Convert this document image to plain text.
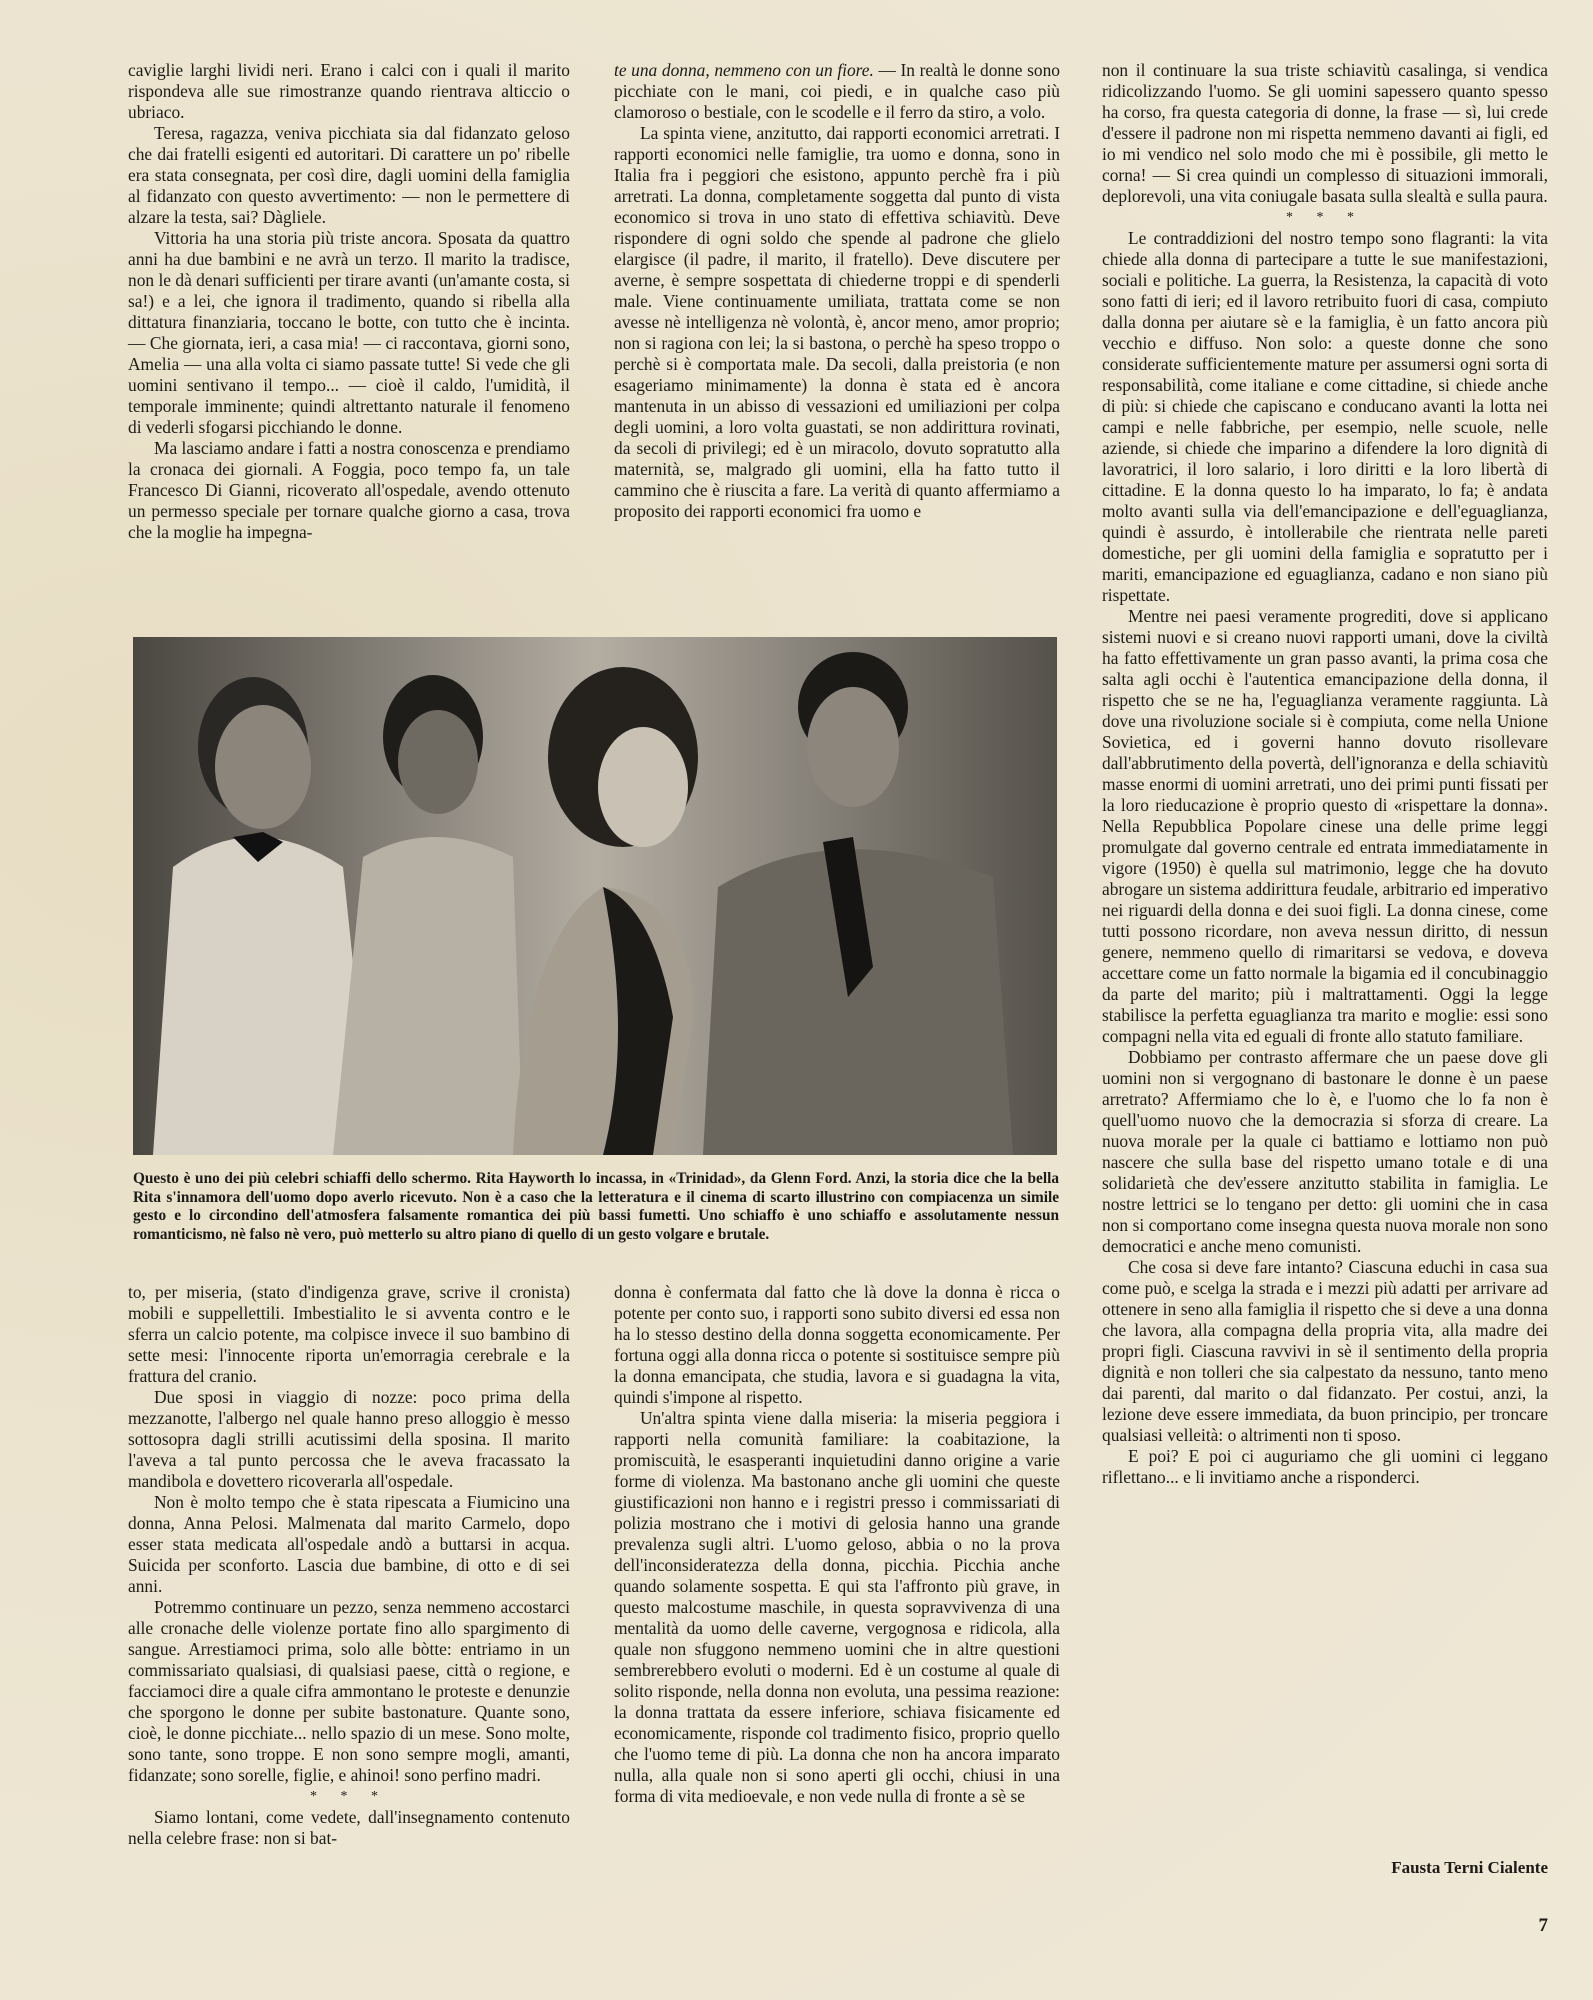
caviglie larghi lividi neri. Erano i calci con i quali il marito rispondeva alle sue rimostranze quando rientrava alticcio o ubriaco.

Teresa, ragazza, veniva picchiata sia dal fidanzato geloso che dai fratelli esigenti ed autoritari. Di carattere un po' ribelle era stata consegnata, per così dire, dagli uomini della famiglia al fidanzato con questo avvertimento: — non le permettere di alzare la testa, sai? Dàgliele.

Vittoria ha una storia più triste ancora. Sposata da quattro anni ha due bambini e ne avrà un terzo. Il marito la tradisce, non le dà denari sufficienti per tirare avanti (un'amante costa, si sa!) e a lei, che ignora il tradimento, quando si ribella alla dittatura finanziaria, toccano le botte, con tutto che è incinta. — Che giornata, ieri, a casa mia! — ci raccontava, giorni sono, Amelia — una alla volta ci siamo passate tutte! Si vede che gli uomini sentivano il tempo... — cioè il caldo, l'umidità, il temporale imminente; quindi altrettanto naturale il fenomeno di vederli sfogarsi picchiando le donne.

Ma lasciamo andare i fatti a nostra conoscenza e prendiamo la cronaca dei giornali. A Foggia, poco tempo fa, un tale Francesco Di Gianni, ricoverato all'ospedale, avendo ottenuto un permesso speciale per tornare qualche giorno a casa, trova che la moglie ha impegna-

te una donna, nemmeno con un fiore. — In realtà le donne sono picchiate con le mani, coi piedi, e in qualche caso più clamoroso o bestiale, con le scodelle e il ferro da stiro, a volo.

La spinta viene, anzitutto, dai rapporti economici arretrati. I rapporti economici nelle famiglie, tra uomo e donna, sono in Italia fra i peggiori che esistono, appunto perchè fra i più arretrati. La donna, completamente soggetta dal punto di vista economico si trova in uno stato di effettiva schiavitù. Deve rispondere di ogni soldo che spende al padrone che glielo elargisce (il padre, il marito, il fratello). Deve discutere per averne, è sempre sospettata di chiederne troppi e di spenderli male. Viene continuamente umiliata, trattata come se non avesse nè intelligenza nè volontà, è, ancor meno, amor proprio; non si ragiona con lei; la si bastona, o perchè ha speso troppo o perchè si è comportata male. Da secoli, dalla preistoria (e non esageriamo minimamente) la donna è stata ed è ancora mantenuta in un abisso di vessazioni ed umiliazioni per colpa degli uomini, a loro volta guastati, se non addirittura rovinati, da secoli di privilegi; ed è un miracolo, dovuto sopratutto alla maternità, se, malgrado gli uomini, ella ha fatto tutto il cammino che è riuscita a fare. La verità di quanto affermiamo a proposito dei rapporti economici fra uomo e

non il continuare la sua triste schiavitù casalinga, si vendica ridicolizzando l'uomo. Se gli uomini sapessero quanto spesso ha corso, fra questa categoria di donne, la frase — sì, lui crede d'essere il padrone non mi rispetta nemmeno davanti ai figli, ed io mi vendico nel solo modo che mi è possibile, gli metto le corna! — Si crea quindi un complesso di situazioni immorali, deplorevoli, una vita coniugale basata sulla slealtà e sulla paura.

* * *

Le contraddizioni del nostro tempo sono flagranti: la vita chiede alla donna di partecipare a tutte le sue manifestazioni, sociali e politiche. La guerra, la Resistenza, la capacità di voto sono fatti di ieri; ed il lavoro retribuito fuori di casa, compiuto dalla donna per aiutare sè e la famiglia, è un fatto ancora più vecchio e diffuso. Non solo: a queste donne che sono considerate sufficientemente mature per assumersi ogni sorta di responsabilità, come italiane e come cittadine, si chiede anche di più: si chiede che capiscano e conducano avanti la lotta nei campi e nelle fabbriche, per esempio, nelle scuole, nelle aziende, si chiede che imparino a difendere la loro dignità di lavoratrici, il loro salario, i loro diritti e la loro libertà di cittadine. E la donna questo lo ha imparato, lo fa; è andata molto avanti sulla via dell'emancipazione e dell'eguaglianza, quindi è assurdo, è intollerabile che rientrata nelle pareti domestiche, per gli uomini della famiglia e sopratutto per i mariti, emancipazione ed eguaglianza, cadano e non siano più rispettate.

Mentre nei paesi veramente progrediti, dove si applicano sistemi nuovi e si creano nuovi rapporti umani, dove la civiltà ha fatto effettivamente un gran passo avanti, la prima cosa che salta agli occhi è l'autentica emancipazione della donna, il rispetto che se ne ha, l'eguaglianza veramente raggiunta. Là dove una rivoluzione sociale si è compiuta, come nella Unione Sovietica, ed i governi hanno dovuto risollevare dall'abbrutimento della povertà, dell'ignoranza e della schiavitù masse enormi di uomini arretrati, uno dei primi punti fissati per la loro rieducazione è proprio questo di «rispettare la donna». Nella Repubblica Popolare cinese una delle prime leggi promulgate dal governo centrale ed entrata immediatamente in vigore (1950) è quella sul matrimonio, legge che ha dovuto abrogare un sistema addirittura feudale, arbitrario ed imperativo nei riguardi della donna e dei suoi figli. La donna cinese, come tutti possono ricordare, non aveva nessun diritto, di nessun genere, nemmeno quello di rimaritarsi se vedova, e doveva accettare come un fatto normale la bigamia ed il concubinaggio da parte del marito; più i maltrattamenti. Oggi la legge stabilisce la perfetta eguaglianza tra marito e moglie: essi sono compagni nella vita ed eguali di fronte allo statuto familiare.

Dobbiamo per contrasto affermare che un paese dove gli uomini non si vergognano di bastonare le donne è un paese arretrato? Affermiamo che lo è, e l'uomo che lo fa non è quell'uomo nuovo che la democrazia si sforza di creare. La nuova morale per la quale ci battiamo e lottiamo non può nascere che sulla base del rispetto umano totale e di una solidarietà che dev'essere anzitutto stabilita in famiglia. Le nostre lettrici se lo tengano per detto: gli uomini che in casa non si comportano come insegna questa nuova morale non sono democratici e anche meno comunisti.

Che cosa si deve fare intanto? Ciascuna educhi in casa sua come può, e scelga la strada e i mezzi più adatti per arrivare ad ottenere in seno alla famiglia il rispetto che si deve a una donna che lavora, alla compagna della propria vita, alla madre dei propri figli. Ciascuna ravvivi in sè il sentimento della propria dignità e non tolleri che sia calpestato da nessuno, tanto meno dai parenti, dal marito o dal fidanzato. Per costui, anzi, la lezione deve essere immediata, da buon principio, per troncare qualsiasi velleità: o altrimenti non ti sposo.

E poi? E poi ci auguriamo che gli uomini ci leggano riflettano... e li invitiamo anche a risponderci.

Questo è uno dei più celebri schiaffi dello schermo. Rita Hayworth lo incassa, in «Trinidad», da Glenn Ford. Anzi, la storia dice che la bella Rita s'innamora dell'uomo dopo averlo ricevuto. Non è a caso che la letteratura e il cinema di scarto illustrino con compiacenza un simile gesto e lo circondino dell'atmosfera falsamente romantica dei più bassi fumetti. Uno schiaffo è uno schiaffo e assolutamente nessun romanticismo, nè falso nè vero, può metterlo su altro piano di quello di un gesto volgare e brutale.

to, per miseria, (stato d'indigenza grave, scrive il cronista) mobili e suppellettili. Imbestialito le si avventa contro e le sferra un calcio potente, ma colpisce invece il suo bambino di sette mesi: l'innocente riporta un'emorragia cerebrale e la frattura del cranio.

Due sposi in viaggio di nozze: poco prima della mezzanotte, l'albergo nel quale hanno preso alloggio è messo sottosopra dagli strilli acutissimi della sposina. Il marito l'aveva a tal punto percossa che le aveva fracassato la mandibola e dovettero ricoverarla all'ospedale.

Non è molto tempo che è stata ripescata a Fiumicino una donna, Anna Pelosi. Malmenata dal marito Carmelo, dopo esser stata medicata all'ospedale andò a buttarsi in acqua. Suicida per sconforto. Lascia due bambine, di otto e di sei anni.

Potremmo continuare un pezzo, senza nemmeno accostarci alle cronache delle violenze portate fino allo spargimento di sangue. Arrestiamoci prima, solo alle bòtte: entriamo in un commissariato qualsiasi, di qualsiasi paese, città o regione, e facciamoci dire a quale cifra ammontano le proteste e denunzie che sporgono le donne per subite bastonature. Quante sono, cioè, le donne picchiate... nello spazio di un mese. Sono molte, sono tante, sono troppe. E non sono sempre mogli, amanti, fidanzate; sono sorelle, figlie, e ahinoi! sono perfino madri.

* * *

Siamo lontani, come vedete, dall'insegnamento contenuto nella celebre frase: non si bat-

donna è confermata dal fatto che là dove la donna è ricca o potente per conto suo, i rapporti sono subito diversi ed essa non ha lo stesso destino della donna soggetta economicamente. Per fortuna oggi alla donna ricca o potente si sostituisce sempre più la donna emancipata, che studia, lavora e si guadagna la vita, quindi s'impone al rispetto.

Un'altra spinta viene dalla miseria: la miseria peggiora i rapporti nella comunità familiare: la coabitazione, la promiscuità, le esasperanti inquietudini danno origine a varie forme di violenza. Ma bastonano anche gli uomini che queste giustificazioni non hanno e i registri presso i commissariati di polizia mostrano che i motivi di gelosia hanno una grande prevalenza sugli altri. L'uomo geloso, abbia o no la prova dell'inconsideratezza della donna, picchia. Picchia anche quando solamente sospetta. E qui sta l'affronto più grave, in questo malcostume maschile, in questa sopravvivenza di una mentalità da uomo delle caverne, vergognosa e ridicola, alla quale non sfuggono nemmeno uomini che in altre questioni sembrerebbero evoluti o moderni. Ed è un costume al quale di solito risponde, nella donna non evoluta, una pessima reazione: la donna trattata da essere inferiore, schiava fisicamente ed economicamente, risponde col tradimento fisico, proprio quello che l'uomo teme di più. La donna che non ha ancora imparato nulla, alla quale non si sono aperti gli occhi, chiusi in una forma di vita medioevale, e non vede nulla di fronte a sè se

Fausta Terni Cialente
7
